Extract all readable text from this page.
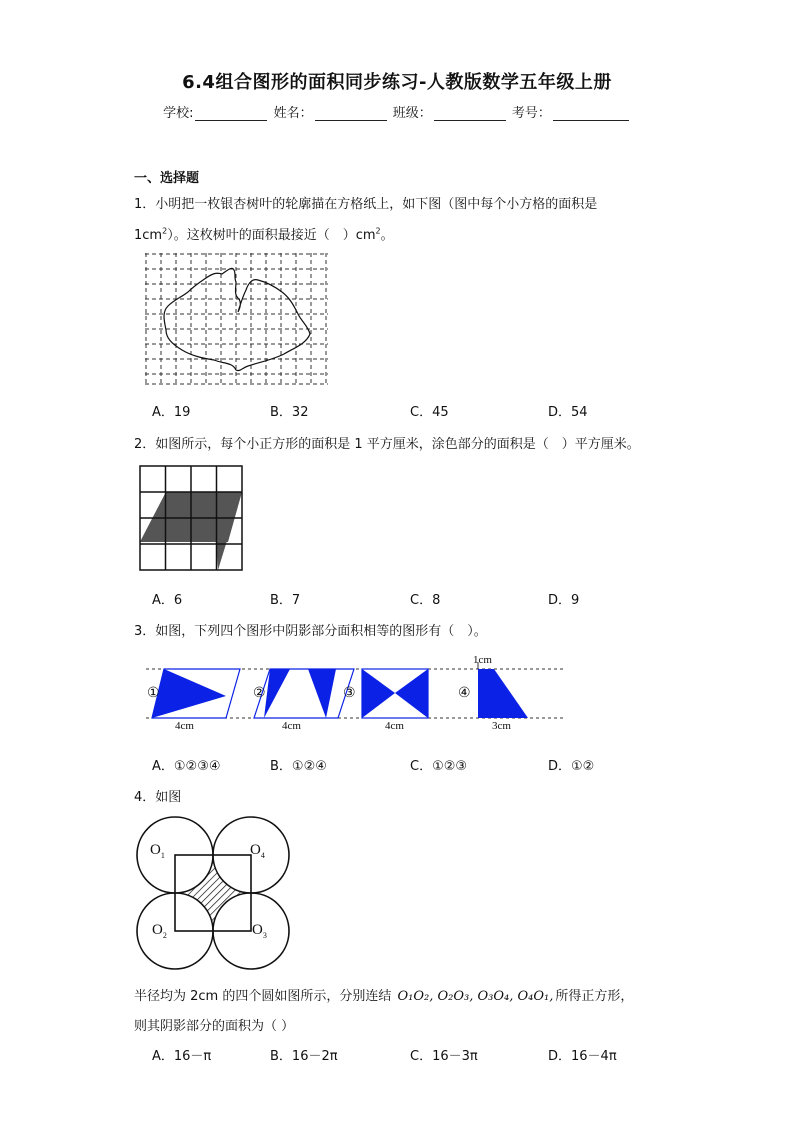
6.4组合图形的面积同步练习-人教版数学五年级上册
学校:	姓名：	班级：	考号：
一、选择题
1．小明把一枚银杏树叶的轮廓描在方格纸上，如下图（图中每个小方格的面积是
$1cm^2$）。这枚树叶的面积最接近（　）$cm^2$。
A．19	B．32	C．45	D．54
2．如图所示，每个小正方形的面积是 1 平方厘米，涂色部分的面积是（　）平方厘米。
A．6	B．7	C．8	D．9
3．如图，下列四个图形中阴影部分面积相等的图形有（　）。
①	②	③	④
1cm
4cm	4cm	4cm	3cm
A．①②③④	B．①②④	C．①②③	D．①②
4．如图
$O_1$	$O_4$
$O_2$	$O_3$
半径均为 2cm 的四个圆如图所示，分别连结 O₁O₂, O₂O₃, O₃O₄, O₄O₁, 所得正方形，
则其阴影部分的面积为（ ）
A．16－π	B．16－2π	C．16－3π	D．16－4π
